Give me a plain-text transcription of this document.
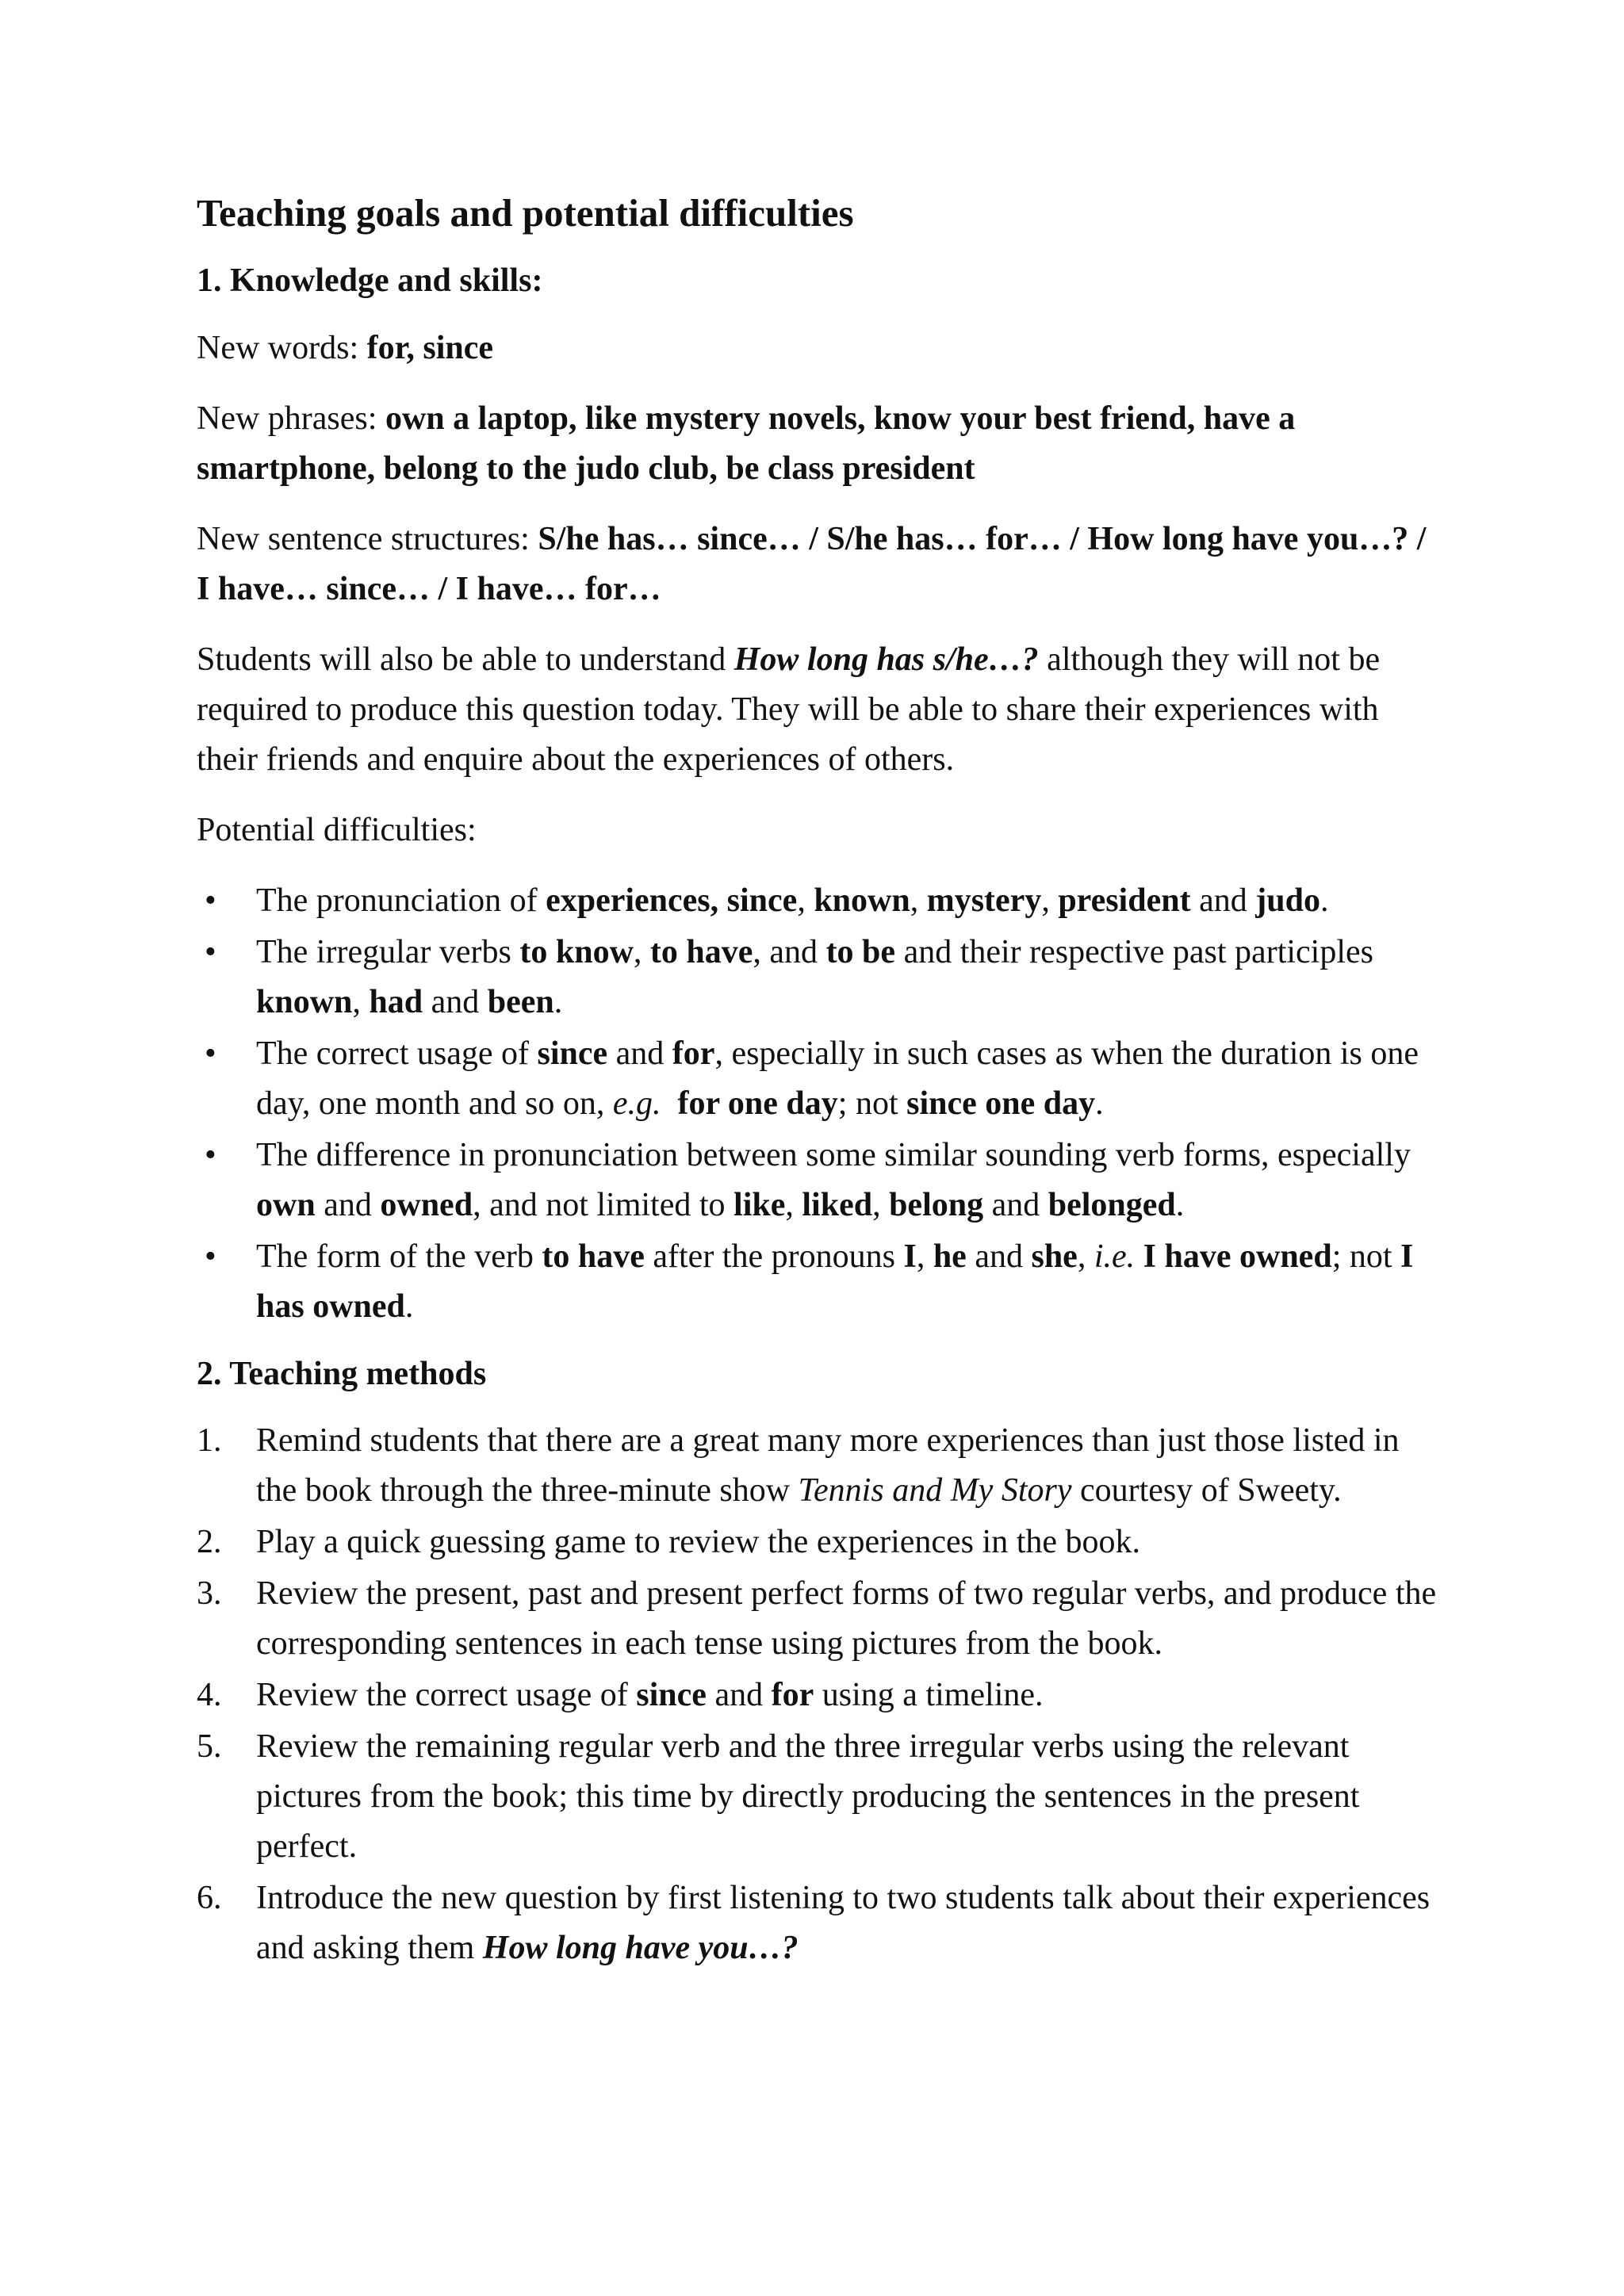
Teaching goals and potential difficulties
1. Knowledge and skills:

New words: for, since

New phrases: own a laptop, like mystery novels, know your best friend, have a smartphone, belong to the judo club, be class president

New sentence structures: S/he has… since… / S/he has… for… / How long have you…? / I have… since… / I have… for…

Students will also be able to understand How long has s/he…? although they will not be required to produce this question today. They will be able to share their experiences with their friends and enquire about the experiences of others.

Potential difficulties:

•	The pronunciation of experiences, since, known, mystery, president and judo.
•	The irregular verbs to know, to have, and to be and their respective past participles known, had and been.
•	The correct usage of since and for, especially in such cases as when the duration is one day, one month and so on, e.g. for one day; not since one day.
•	The difference in pronunciation between some similar sounding verb forms, especially own and owned, and not limited to like, liked, belong and belonged.
•	The form of the verb to have after the pronouns I, he and she, i.e. I have owned; not I has owned.
2. Teaching methods
1.	Remind students that there are a great many more experiences than just those listed in the book through the three-minute show Tennis and My Story courtesy of Sweety.
2.	Play a quick guessing game to review the experiences in the book.
3.	Review the present, past and present perfect forms of two regular verbs, and produce the corresponding sentences in each tense using pictures from the book.
4.	Review the correct usage of since and for using a timeline.
5.	Review the remaining regular verb and the three irregular verbs using the relevant pictures from the book; this time by directly producing the sentences in the present perfect.
6.	Introduce the new question by first listening to two students talk about their experiences and asking them How long have you…?
